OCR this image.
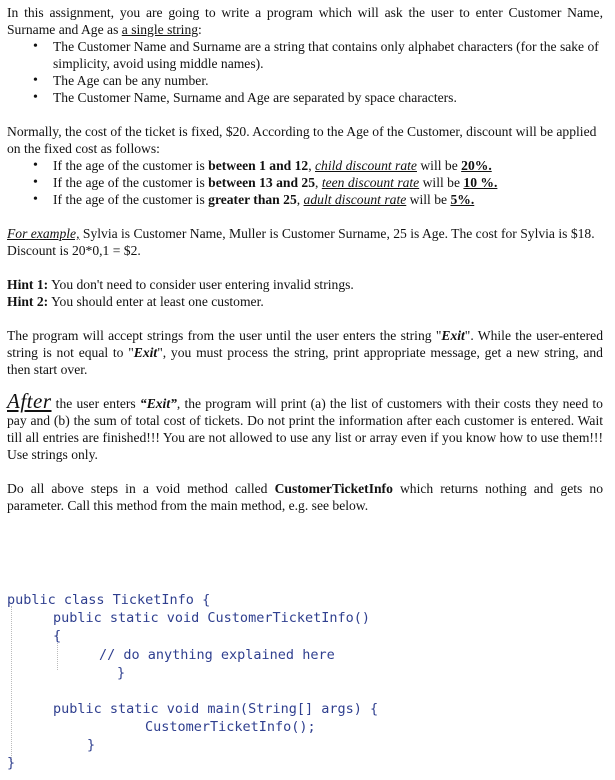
In this assignment, you are going to write a program which will ask the user to enter Customer Name, Surname and Age as a single string:

• The Customer Name and Surname are a string that contains only alphabet characters (for the sake of simplicity, avoid using middle names).
• The Age can be any number.
• The Customer Name, Surname and Age are separated by space characters.

Normally, the cost of the ticket is fixed, $20. According to the Age of the Customer, discount will be applied on the fixed cost as follows:

• If the age of the customer is between 1 and 12, child discount rate will be 20%.
• If the age of the customer is between 13 and 25, teen discount rate will be 10 %.
• If the age of the customer is greater than 25, adult discount rate will be 5%.

For example, Sylvia is Customer Name, Muller is Customer Surname, 25 is Age. The cost for Sylvia is $18. Discount is 20*0,1 = $2.

Hint 1: You don't need to consider user entering invalid strings.

Hint 2: You should enter at least one customer.

The program will accept strings from the user until the user enters the string "Exit". While the user-entered string is not equal to "Exit", you must process the string, print appropriate message, get a new string, and then start over.

After the user enters “Exit”, the program will print (a) the list of customers with their costs they need to pay and (b) the sum of total cost of tickets. Do not print the information after each customer is entered. Wait till all entries are finished!!! You are not allowed to use any list or array even if you know how to use them!!! Use strings only.

Do all above steps in a void method called CustomerTicketInfo which returns nothing and gets no parameter. Call this method from the main method, e.g. see below.

public class TicketInfo {
public static void CustomerTicketInfo()
{
// do anything explained here
}
public static void main(String[] args) {
CustomerTicketInfo();
}
}
